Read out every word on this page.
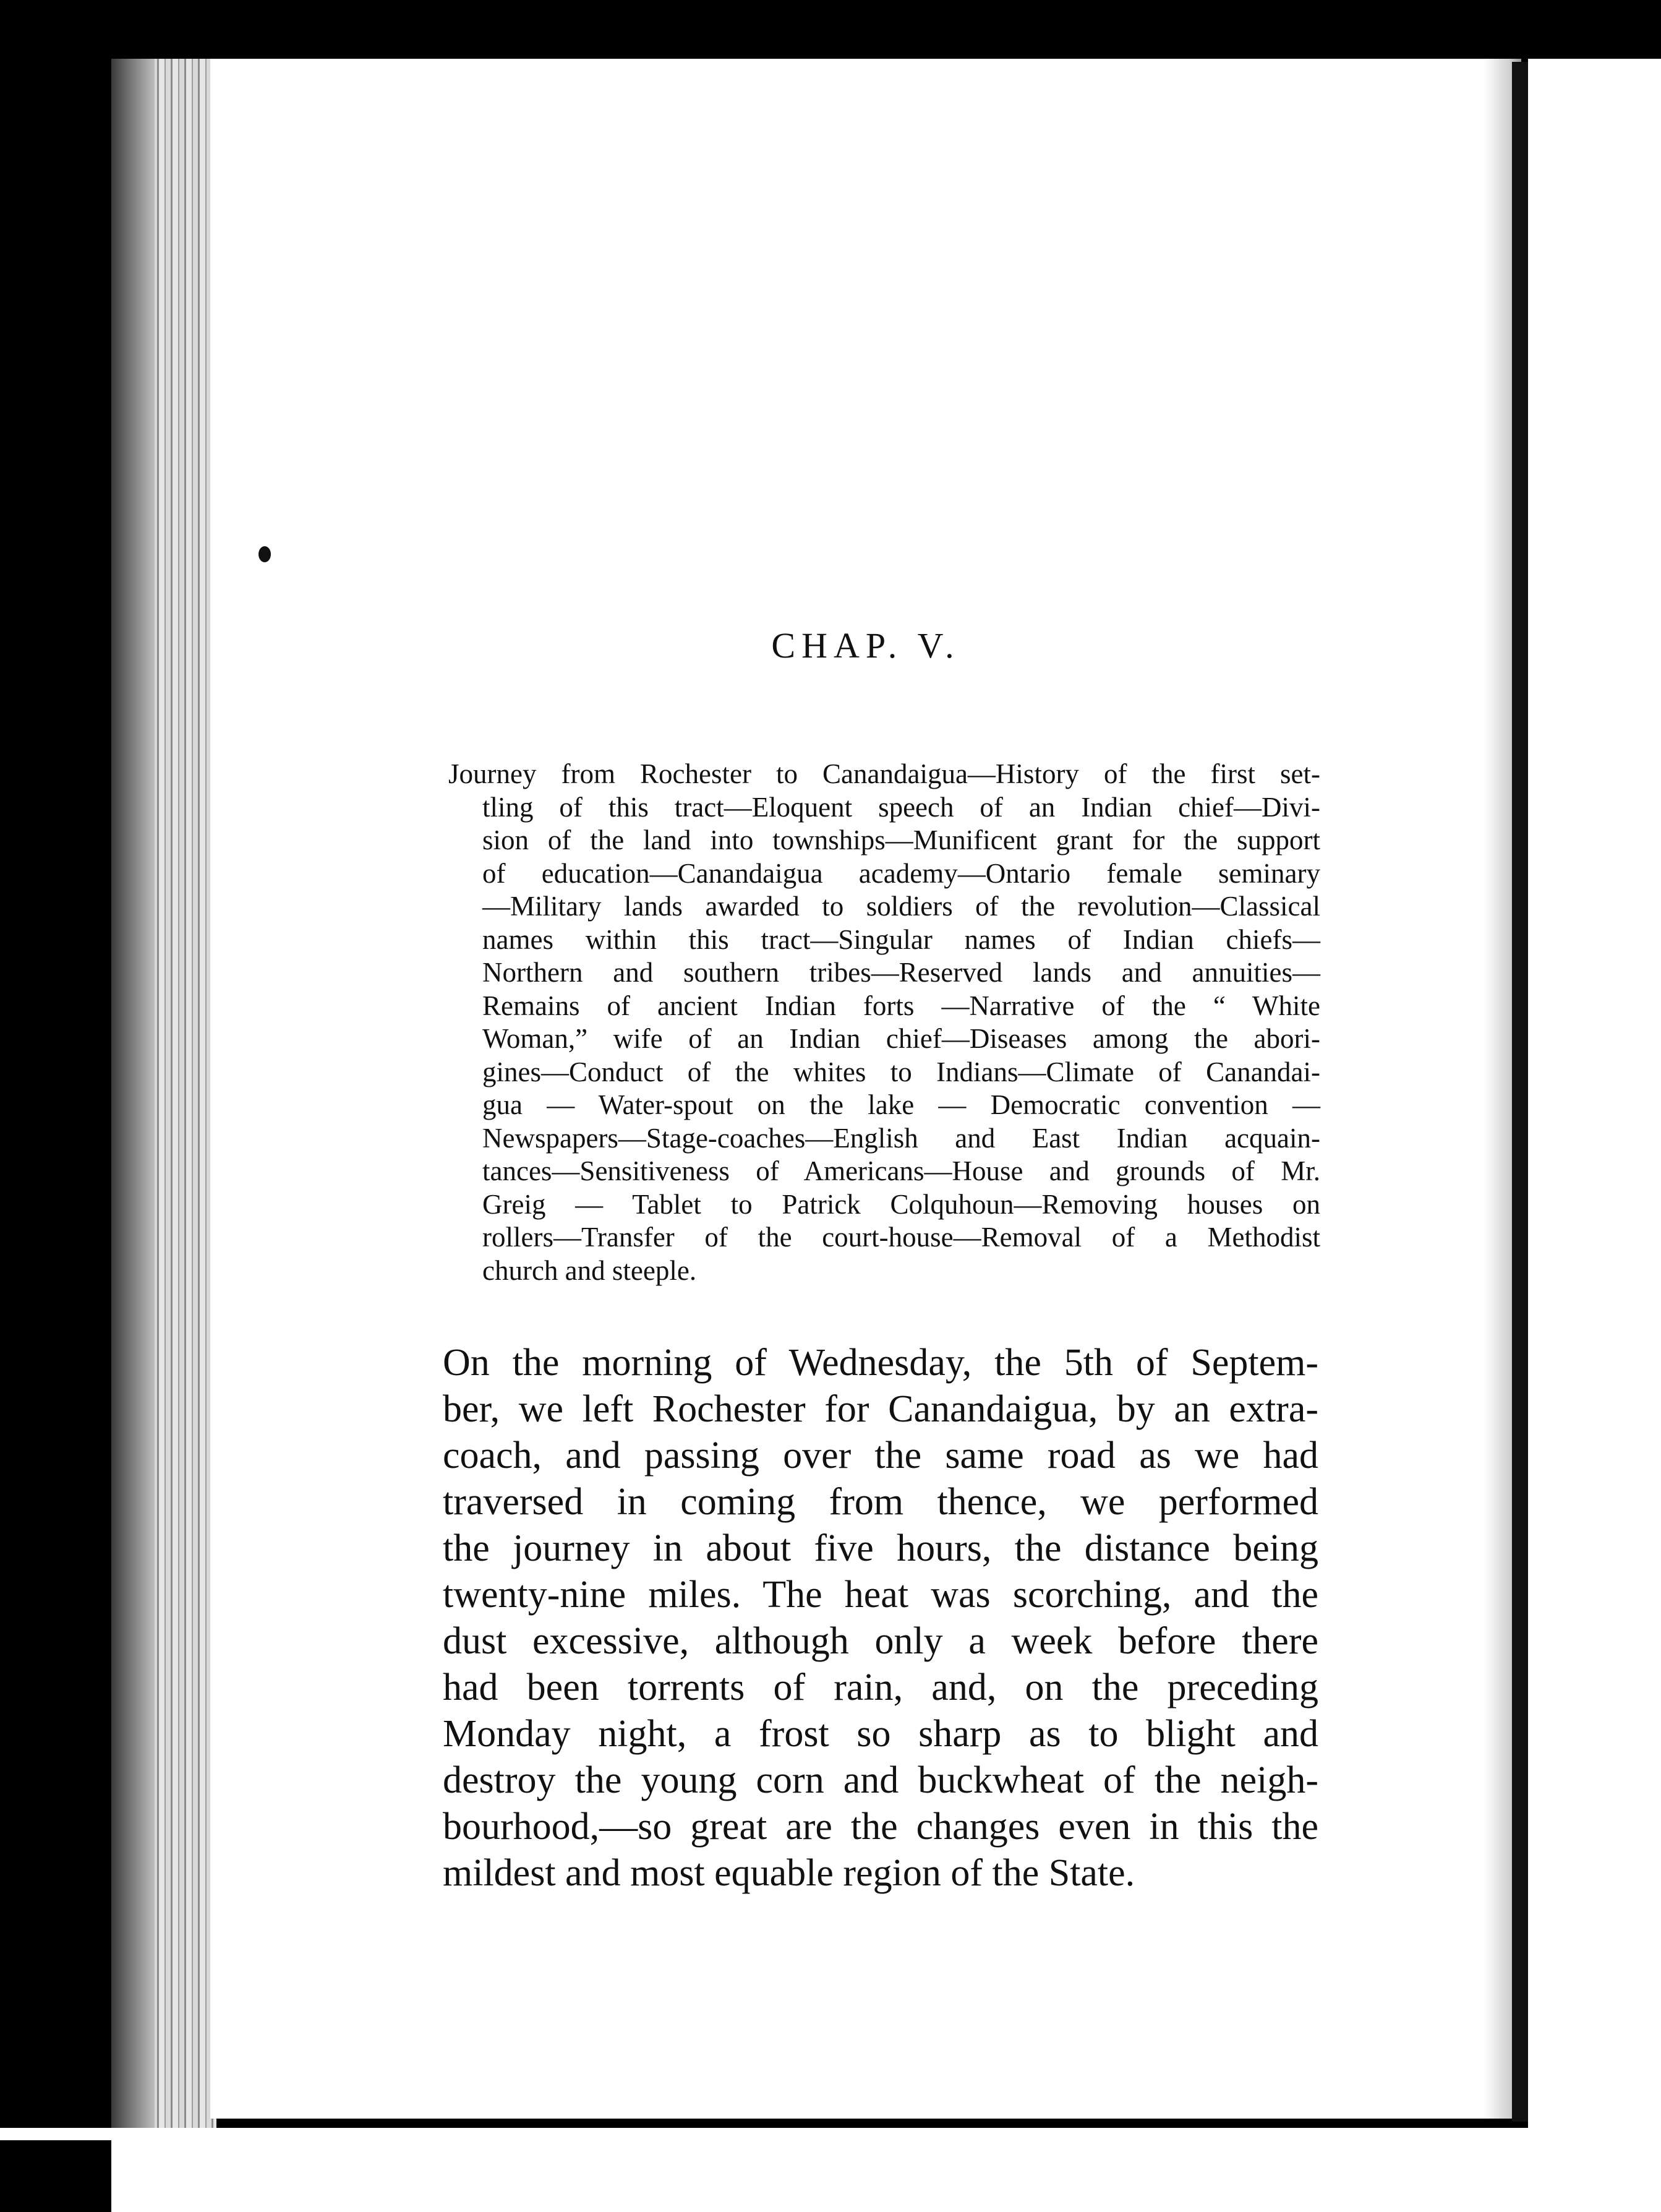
CHAP. V.
Journey from Rochester to Canandaigua—History of the first set-
tling of this tract—Eloquent speech of an Indian chief—Divi-
sion of the land into townships—Munificent grant for the support
of education—Canandaigua academy—Ontario female seminary
—Military lands awarded to soldiers of the revolution—Classical
names within this tract—Singular names of Indian chiefs—
Northern and southern tribes—Reserved lands and annuities—
Remains of ancient Indian forts —Narrative of the “ White
Woman,” wife of an Indian chief—Diseases among the abori-
gines—Conduct of the whites to Indians—Climate of Canandai-
gua — Water-spout on the lake — Democratic convention —
Newspapers—Stage-coaches—English and East Indian acquain-
tances—Sensitiveness of Americans—House and grounds of Mr.
Greig — Tablet to Patrick Colquhoun—Removing houses on
rollers—Transfer of the court-house—Removal of a Methodist
church and steeple.
On the morning of Wednesday, the 5th of Septem-
ber, we left Rochester for Canandaigua, by an extra-
coach, and passing over the same road as we had
traversed in coming from thence, we performed
the journey in about five hours, the distance being
twenty-nine miles. The heat was scorching, and the
dust excessive, although only a week before there
had been torrents of rain, and, on the preceding
Monday night, a frost so sharp as to blight and
destroy the young corn and buckwheat of the neigh-
bourhood,—so great are the changes even in this the
mildest and most equable region of the State.
